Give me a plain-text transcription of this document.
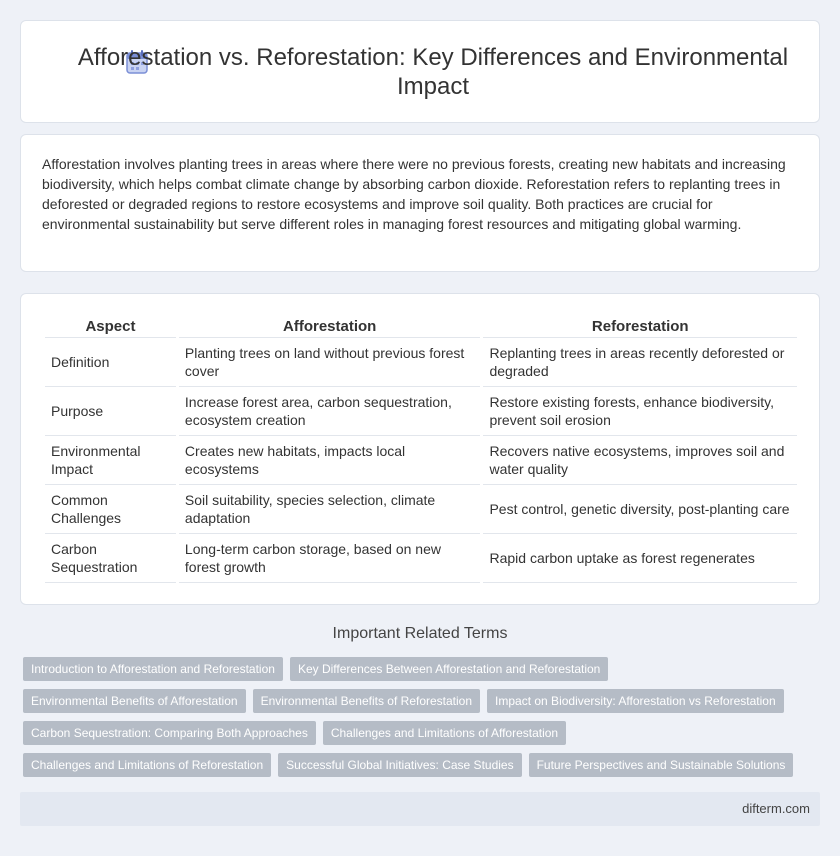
Afforestation vs. Reforestation: Key Differences and Environmental Impact

Afforestation involves planting trees in areas where there were no previous forests, creating new habitats and increasing biodiversity, which helps combat climate change by absorbing carbon dioxide. Reforestation refers to replanting trees in deforested or degraded regions to restore ecosystems and improve soil quality. Both practices are crucial for environmental sustainability but serve different roles in managing forest resources and mitigating global warming.

Aspect	Afforestation	Reforestation
Definition	Planting trees on land without previous forest cover	Replanting trees in areas recently deforested or degraded
Purpose	Increase forest area, carbon sequestration, ecosystem creation	Restore existing forests, enhance biodiversity, prevent soil erosion
Environmental Impact	Creates new habitats, impacts local ecosystems	Recovers native ecosystems, improves soil and water quality
Common Challenges	Soil suitability, species selection, climate adaptation	Pest control, genetic diversity, post-planting care
Carbon Sequestration	Long-term carbon storage, based on new forest growth	Rapid carbon uptake as forest regenerates
Important Related Terms
Introduction to Afforestation and Reforestation	Key Differences Between Afforestation and Reforestation
Environmental Benefits of Afforestation	Environmental Benefits of Reforestation	Impact on Biodiversity: Afforestation vs Reforestation
Carbon Sequestration: Comparing Both Approaches	Challenges and Limitations of Afforestation
Challenges and Limitations of Reforestation	Successful Global Initiatives: Case Studies	Future Perspectives and Sustainable Solutions
difterm.com
